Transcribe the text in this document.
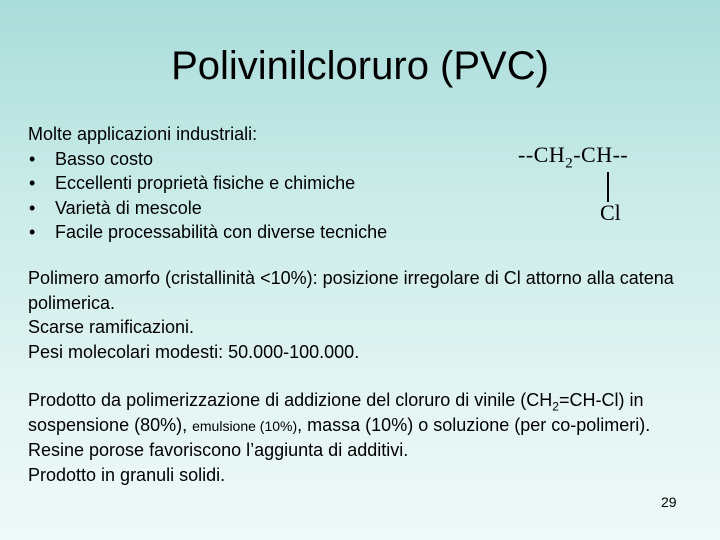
Polivinilcloruro (PVC)
Molte applicazioni industriali:
• Basso costo
• Eccellenti proprietà fisiche e chimiche
• Varietà di mescole
• Facile processabilità con diverse tecniche
$--CH_2-CH--$
Cl
Polimero amorfo (cristallinità <10%): posizione irregolare di Cl attorno alla catena polimerica.
Scarse ramificazioni.
Pesi molecolari modesti: 50.000-100.000.
Prodotto da polimerizzazione di addizione del cloruro di vinile $(CH_2=CH-Cl)$ in sospensione (80%), emulsione (10%), massa (10%) o soluzione (per co-polimeri).
Resine porose favoriscono l’aggiunta di additivi.
Prodotto in granuli solidi.
29
